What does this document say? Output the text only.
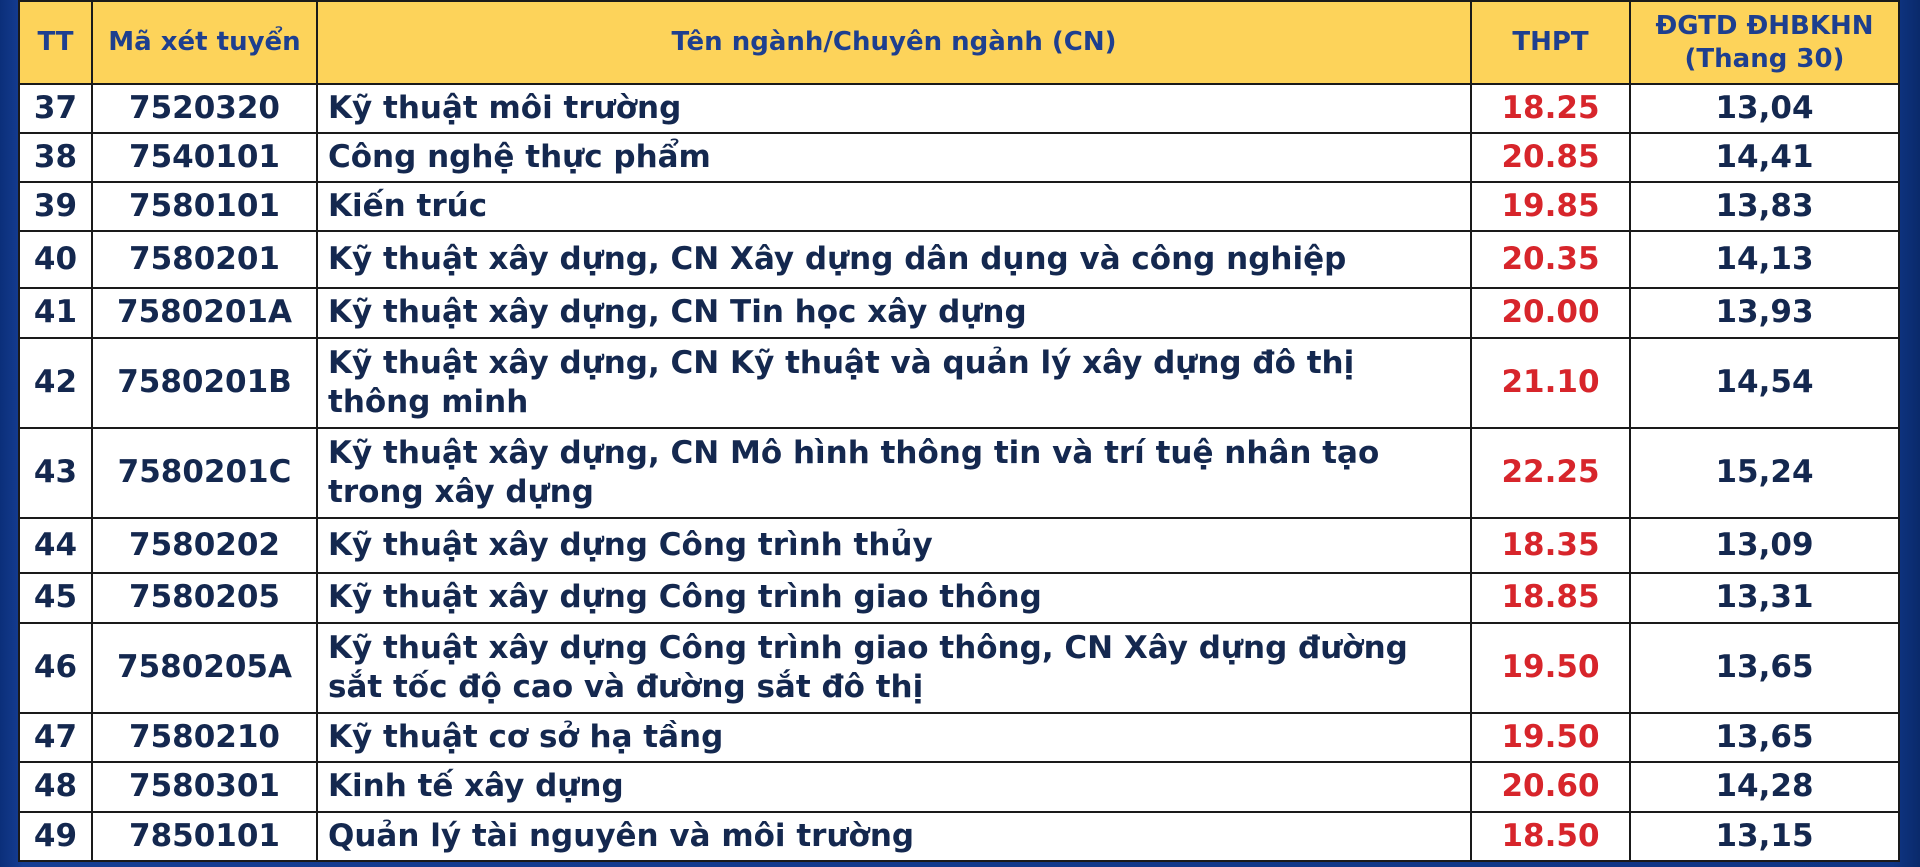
TT	Mã xét tuyển	Tên ngành/Chuyên ngành (CN)	THPT	ĐGTD ĐHBKHN
(Thang 30)

37	7520320	Kỹ thuật môi trường	18.25	13,04
38	7540101	Công nghệ thực phẩm	20.85	14,41
39	7580101	Kiến trúc	19.85	13,83
40	7580201	Kỹ thuật xây dựng, CN Xây dựng dân dụng và công nghiệp	20.35	14,13
41	7580201A	Kỹ thuật xây dựng, CN Tin học xây dựng	20.00	13,93
42	7580201B	Kỹ thuật xây dựng, CN Kỹ thuật và quản lý xây dựng đô thị thông minh	21.10	14,54
43	7580201C	Kỹ thuật xây dựng, CN Mô hình thông tin và trí tuệ nhân tạo trong xây dựng	22.25	15,24
44	7580202	Kỹ thuật xây dựng Công trình thủy	18.35	13,09
45	7580205	Kỹ thuật xây dựng Công trình giao thông	18.85	13,31
46	7580205A	Kỹ thuật xây dựng Công trình giao thông, CN Xây dựng đường sắt tốc độ cao và đường sắt đô thị	19.50	13,65
47	7580210	Kỹ thuật cơ sở hạ tầng	19.50	13,65
48	7580301	Kinh tế xây dựng	20.60	14,28
49	7850101	Quản lý tài nguyên và môi trường	18.50	13,15
